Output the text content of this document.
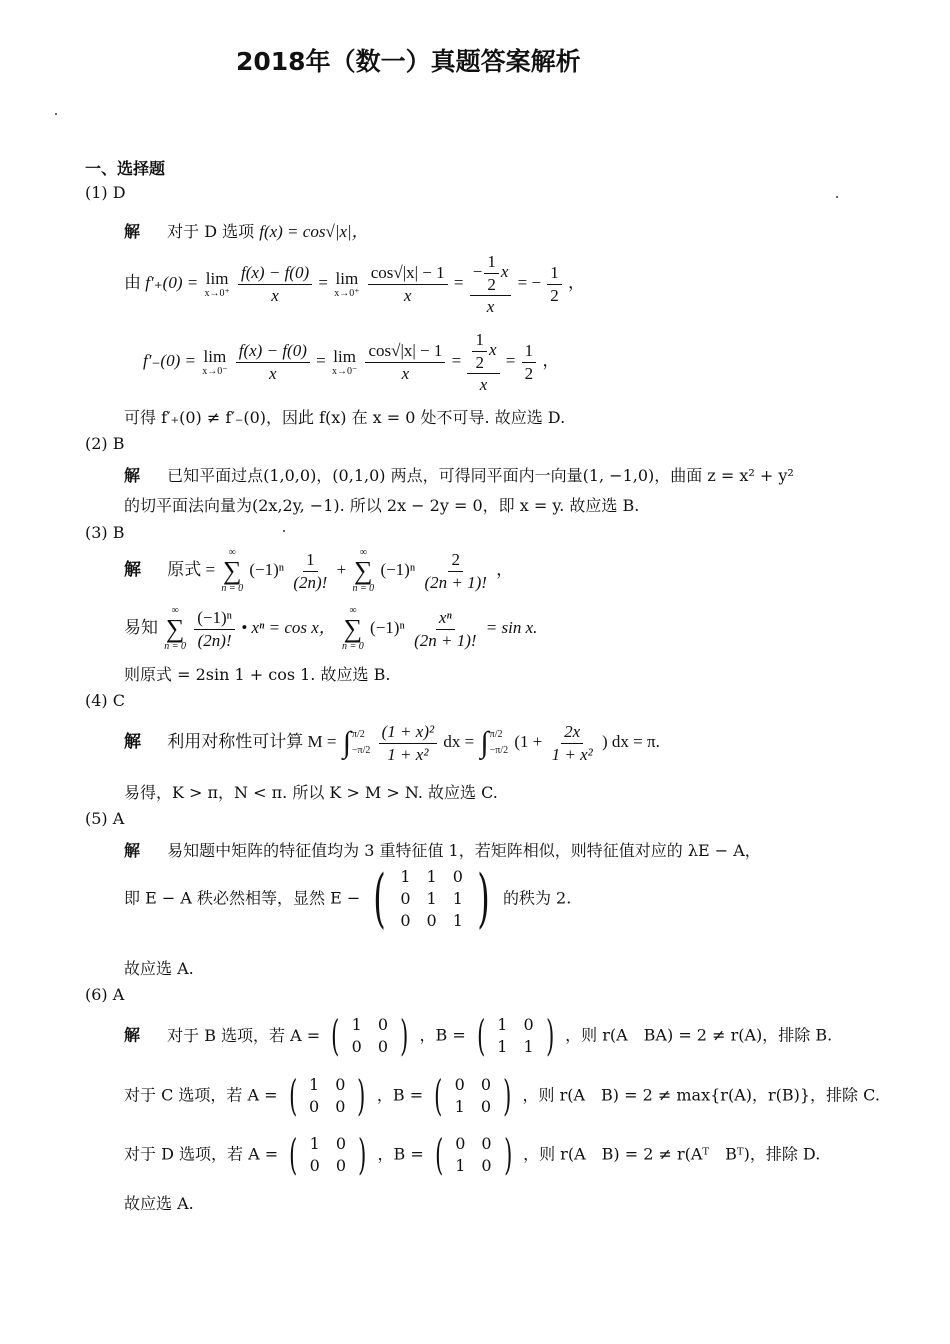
2018年（数一）真题答案解析
一、选择题
(1) D
解 对于 D 选项 f(x) = cos√|x|，
由 f′₊(0) = lim
x→0⁺
$\frac{f(x) - f(0)}{x} = \lim$
x→0⁺
$\frac{\cos√|x| - 1}{x} = \frac{- \frac{1}{2} x}{x}$ = − $\frac{1}{2}$ ，
f′₋(0) = lim
x→0⁻
$\frac{f(x) - f(0)}{x} = \lim$
x→0⁻
$\frac{\cos√|x| - 1}{x} = \frac{\frac{1}{2} x}{x} = \frac{1}{2}$ ，
可得 f′₊(0) ≠ f′₋(0)，因此 f(x) 在 x = 0 处不可导. 故应选 D.
(2) B
解 已知平面过点(1,0,0)，(0,1,0) 两点，可得同平面内一向量(1, −1,0)，曲面 z = x² + y²
的切平面法向量为(2x,2y, −1). 所以 2x − 2y = 0，即 x = y. 故应选 B.
(3) B
解 原式 =
∞
∑
n = 0
$(-1)^n \frac{1}{(2n)!}$ +
∞
∑
n = 0
$(-1)^n \frac{2}{(2n + 1)!}$ ，
易知
∞
∑
n = 0
$\frac{\text{(−1)ⁿ}}{(2n)!}$ • xⁿ = cos x，
∞
∑
n = 0
$(-1)^n \frac{\text{xⁿ}}{(2n + 1)!} = \sin x$.
则原式 = 2sin 1 + cos 1. 故应选 B.
(4) C
解 利用对称性可计算 M = ∫ π/2
−π/2
$\frac{\text{(1 + x)²}}{\text{1 + x²}}$ dx = ∫ π/2
−π/2 ($1 + \frac{2x}{\text{1 + x²}}$ ) dx = π.
易得，K > π，N < π. 所以 K > M > N. 故应选 C.
(5) A
解 易知题中矩阵的特征值均为 3 重特征值 1，若矩阵相似，则特征值对应的 λE − A，
即 E − A 秩必然相等，显然 E − ( 1	1	0
0	1	1
0	0	1 ) 的秩为 2.
故应选 A.
(6) A
解 对于 B 选项，若 A = ( 1	0
0	0 ) ，B = ( 1	0
1	1 ) ，则 r(A　BA) = 2 ≠ r(A)，排除 B.
对于 C 选项，若 A = ( 1	0
0	0 ) ，B = ( 0	0
1	0 ) ，则 r(A　B) = 2 ≠ max{r(A)，r(B)}，排除 C.
对于 D 选项，若 A = ( 1	0
0	0 ) ，B = ( 0	0
1	0 ) ，则 r(A　B) = 2 ≠ r(Aᵀ　Bᵀ)，排除 D.
故应选 A.
